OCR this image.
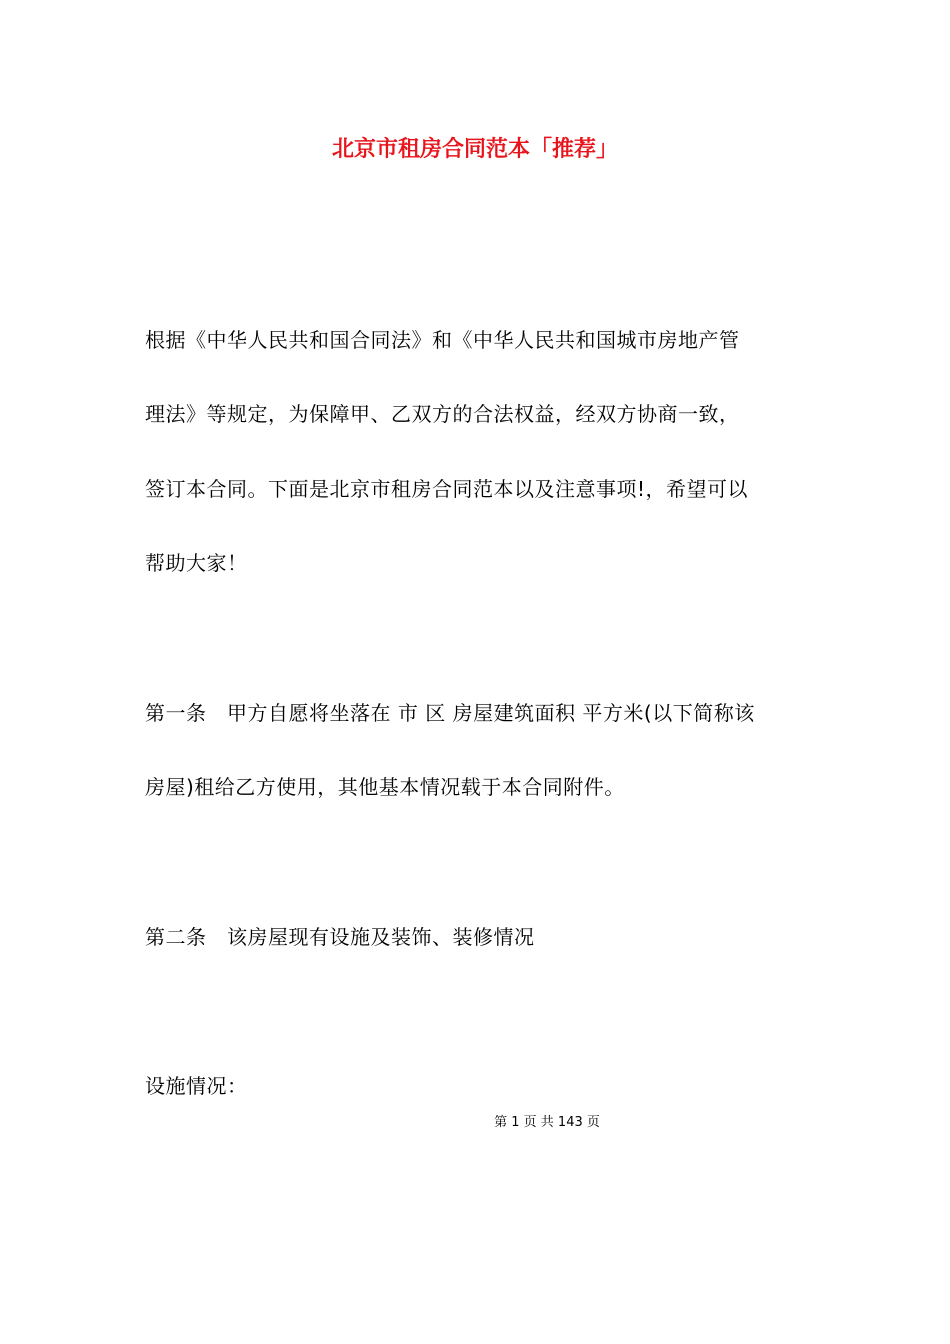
北京市租房合同范本「推荐」
根据《中华人民共和国合同法》和《中华人民共和国城市房地产管
理法》等规定，为保障甲、乙双方的合法权益，经双方协商一致，
签订本合同。下面是北京市租房合同范本以及注意事项!，希望可以
帮助大家！
第一条　甲方自愿将坐落在 市 区 房屋建筑面积 平方米(以下简称该
房屋)租给乙方使用，其他基本情况载于本合同附件。
第二条　该房屋现有设施及装饰、装修情况
设施情况：
第 1 页 共 143 页
